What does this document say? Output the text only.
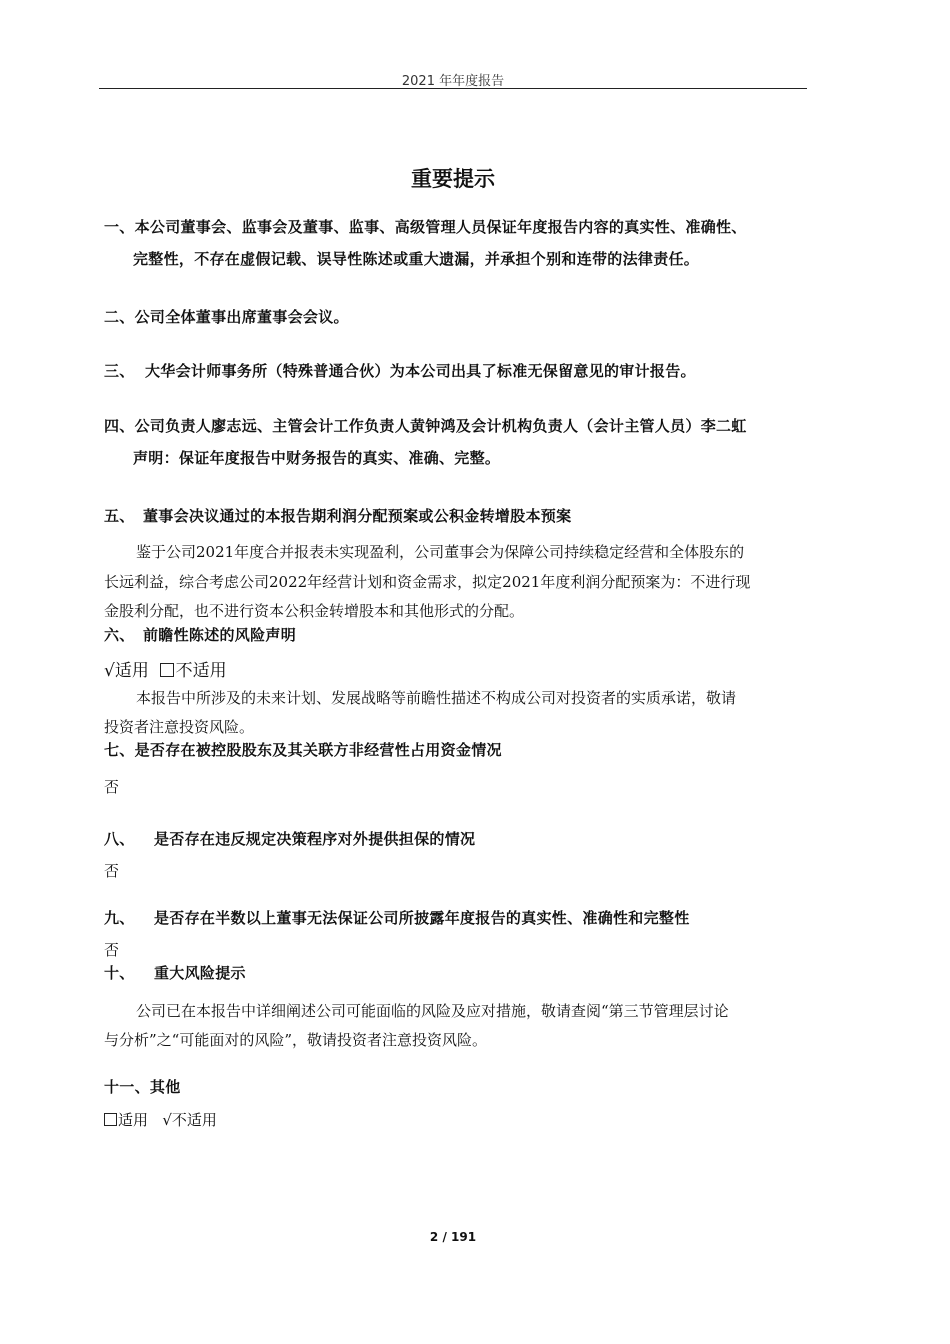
2021 年年度报告
重要提示
一、本公司董事会、监事会及董事、监事、高级管理人员保证年度报告内容的真实性、准确性、
完整性，不存在虚假记载、误导性陈述或重大遗漏，并承担个别和连带的法律责任。
二、公司全体董事出席董事会会议。
三、 大华会计师事务所（特殊普通合伙）为本公司出具了标准无保留意见的审计报告。
四、公司负责人廖志远、主管会计工作负责人黄钟鸿及会计机构负责人（会计主管人员）李二虹
声明：保证年度报告中财务报告的真实、准确、完整。
五、 董事会决议通过的本报告期利润分配预案或公积金转增股本预案
鉴于公司2021年度合并报表未实现盈利，公司董事会为保障公司持续稳定经营和全体股东的
长远利益，综合考虑公司2022年经营计划和资金需求，拟定2021年度利润分配预案为：不进行现
金股利分配，也不进行资本公积金转增股本和其他形式的分配。
六、 前瞻性陈述的风险声明
√适用 不适用
本报告中所涉及的未来计划、发展战略等前瞻性描述不构成公司对投资者的实质承诺，敬请
投资者注意投资风险。
七、是否存在被控股股东及其关联方非经营性占用资金情况
否
八、 是否存在违反规定决策程序对外提供担保的情况
否
九、 是否存在半数以上董事无法保证公司所披露年度报告的真实性、准确性和完整性
否
十、 重大风险提示
公司已在本报告中详细阐述公司可能面临的风险及应对措施，敬请查阅“第三节管理层讨论
与分析”之“可能面对的风险”，敬请投资者注意投资风险。
十一、其他
适用 √不适用
2 / 191
